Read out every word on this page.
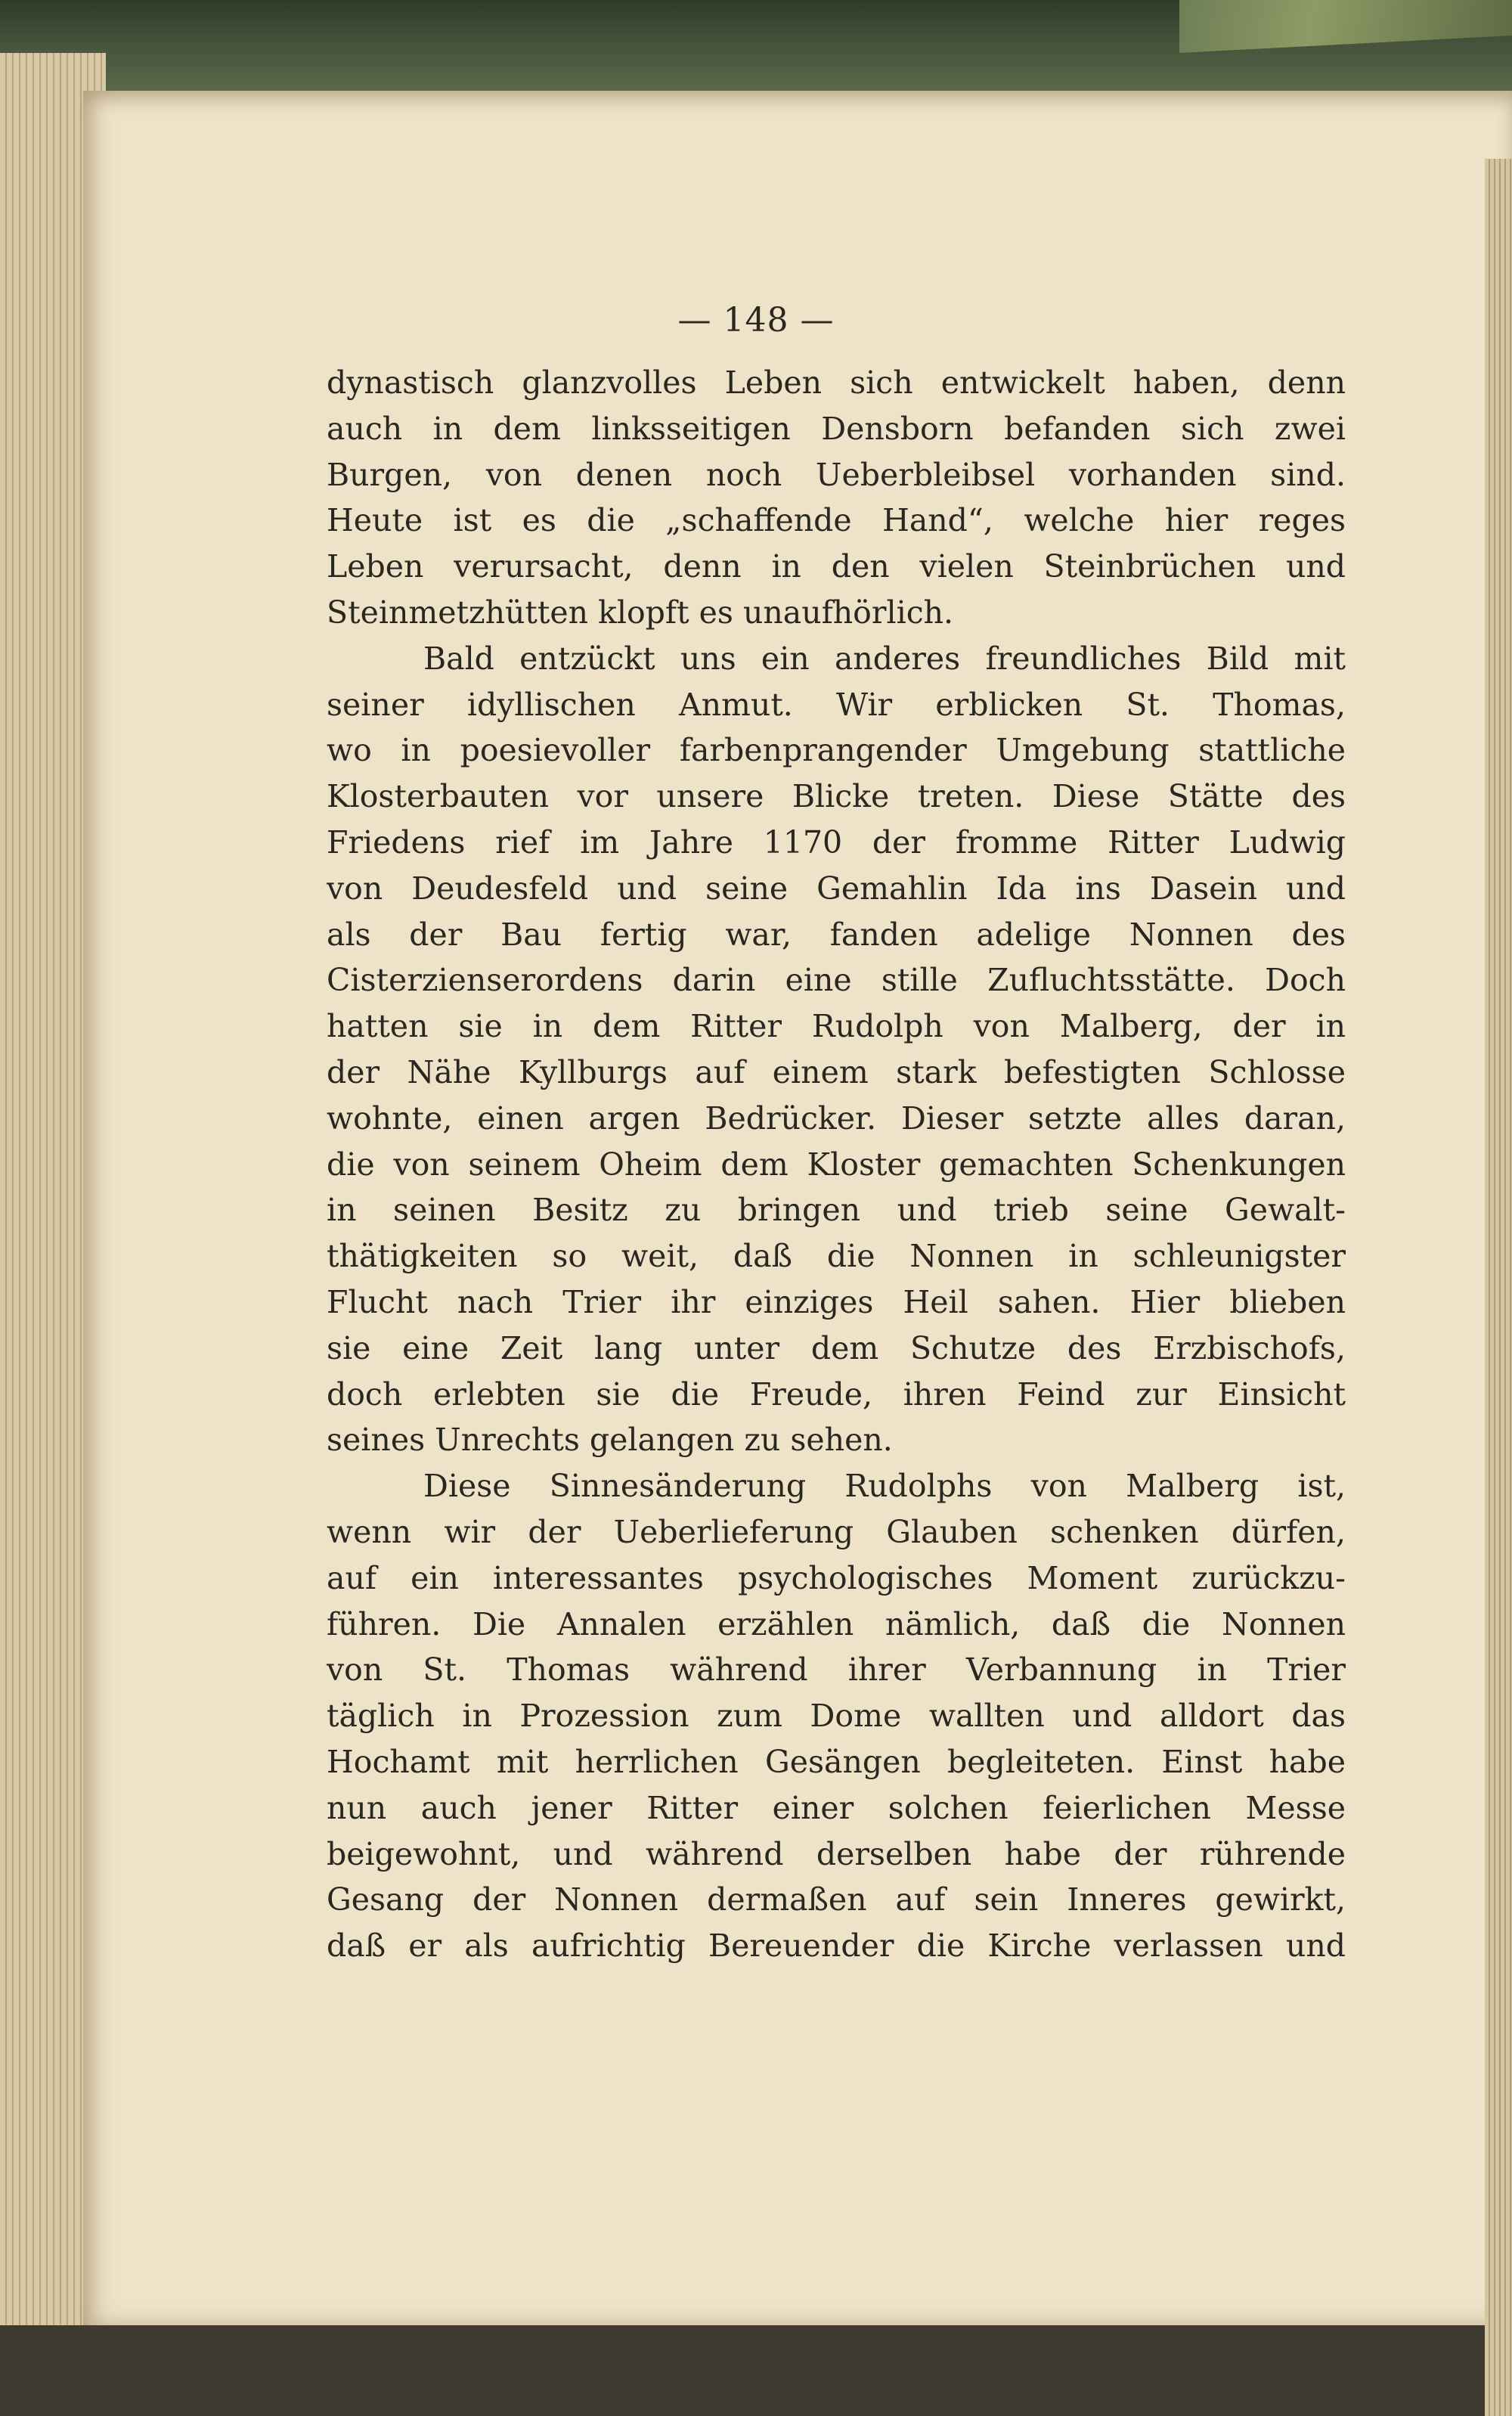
— 148 —
dynastisch glanzvolles Leben sich entwickelt haben, denn
auch in dem linksseitigen Densborn befanden sich zwei
Burgen, von denen noch Ueberbleibsel vorhanden sind.
Heute ist es die „schaffende Hand“, welche hier reges
Leben verursacht, denn in den vielen Steinbrüchen und
Steinmetzhütten klopft es unaufhörlich.
Bald entzückt uns ein anderes freundliches Bild mit
seiner idyllischen Anmut. Wir erblicken St. Thomas,
wo in poesievoller farbenprangender Umgebung stattliche
Klosterbauten vor unsere Blicke treten. Diese Stätte des
Friedens rief im Jahre 1170 der fromme Ritter Ludwig
von Deudesfeld und seine Gemahlin Ida ins Dasein und
als der Bau fertig war, fanden adelige Nonnen des
Cisterzienserordens darin eine stille Zufluchtsstätte. Doch
hatten sie in dem Ritter Rudolph von Malberg, der in
der Nähe Kyllburgs auf einem stark befestigten Schlosse
wohnte, einen argen Bedrücker. Dieser setzte alles daran,
die von seinem Oheim dem Kloster gemachten Schenkungen
in seinen Besitz zu bringen und trieb seine Gewalt-
thätigkeiten so weit, daß die Nonnen in schleunigster
Flucht nach Trier ihr einziges Heil sahen. Hier blieben
sie eine Zeit lang unter dem Schutze des Erzbischofs,
doch erlebten sie die Freude, ihren Feind zur Einsicht
seines Unrechts gelangen zu sehen.
Diese Sinnesänderung Rudolphs von Malberg ist,
wenn wir der Ueberlieferung Glauben schenken dürfen,
auf ein interessantes psychologisches Moment zurückzu-
führen. Die Annalen erzählen nämlich, daß die Nonnen
von St. Thomas während ihrer Verbannung in Trier
täglich in Prozession zum Dome wallten und alldort das
Hochamt mit herrlichen Gesängen begleiteten. Einst habe
nun auch jener Ritter einer solchen feierlichen Messe
beigewohnt, und während derselben habe der rührende
Gesang der Nonnen dermaßen auf sein Inneres gewirkt,
daß er als aufrichtig Bereuender die Kirche verlassen und
